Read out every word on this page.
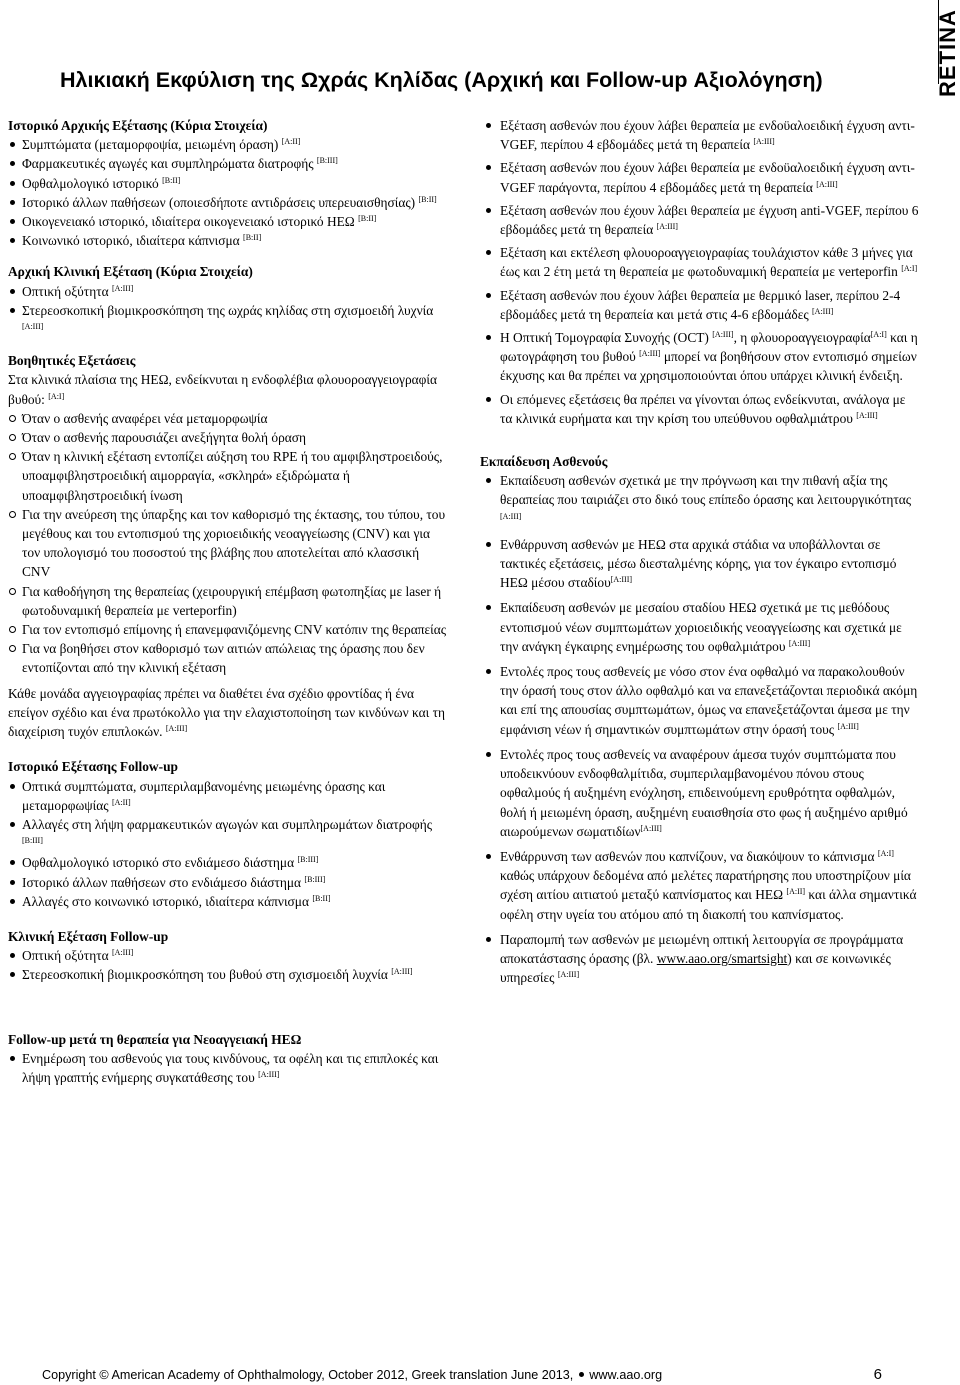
RETINA
Ηλικιακή Εκφύλιση της Ωχράς Κηλίδας (Αρχική και Follow-up Αξιολόγηση)
Ιστορικό Αρχικής Εξέτασης (Κύρια Στοιχεία)
Συμπτώματα (μεταμορφοψία, μειωμένη όραση) [A:II]
Φαρμακευτικές αγωγές και συμπληρώματα διατροφής [B:III]
Οφθαλμολογικό ιστορικό [B:II]
Ιστορικό άλλων παθήσεων (οποιεσδήποτε αντιδράσεις υπερευαισθησίας) [B:II]
Οικογενειακό ιστορικό, ιδιαίτερα οικογενειακό ιστορικό ΗΕΩ [B:II]
Κοινωνικό ιστορικό, ιδιαίτερα κάπνισμα [B:II]
Αρχική Κλινική Εξέταση (Κύρια Στοιχεία)
Οπτική οξύτητα [A:III]
Στερεοσκοπική βιομικροσκόπηση της ωχράς κηλίδας στη σχισμοειδή λυχνία [A:III]
Βοηθητικές Εξετάσεις

Στα κλινικά πλαίσια της ΗΕΩ, ενδείκνυται η ενδοφλέβια φλουοροαγγειογραφία βυθού: [A:I]

Όταν ο ασθενής αναφέρει νέα μεταμορφωψία
Όταν ο ασθενής παρουσιάζει ανεξήγητα θολή όραση
Όταν η κλινική εξέταση εντοπίζει αύξηση του RPE ή του αμφιβληστροειδούς, υποαμφιβληστροειδική αιμορραγία, «σκληρά» εξιδρώματα ή υποαμφιβληστροειδική ίνωση
Για την ανεύρεση της ύπαρξης και τον καθορισμό της έκτασης, του τύπου, του μεγέθους και του εντοπισμού της χοριοειδικής νεοαγγείωσης (CNV) και για τον υπολογισμό του ποσοστού της βλάβης που αποτελείται από κλασσική CNV
Για καθοδήγηση της θεραπείας (χειρουργική επέμβαση φωτοπηξίας με laser ή φωτοδυναμική θεραπεία με verteporfin)
Για τον εντοπισμό επίμονης ή επανεμφανιζόμενης CNV κατόπιν της θεραπείας
Για να βοηθήσει στον καθορισμό των αιτιών απώλειας της όρασης που δεν εντοπίζονται από την κλινική εξέταση

Κάθε μονάδα αγγειογραφίας πρέπει να διαθέτει ένα σχέδιο φροντίδας ή ένα επείγον σχέδιο και ένα πρωτόκολλο για την ελαχιστοποίηση των κινδύνων και τη διαχείριση τυχόν επιπλοκών. [A:III]

Ιστορικό Εξέτασης Follow-up
Οπτικά συμπτώματα, συμπεριλαμβανομένης μειωμένης όρασης και μεταμορφωψίας [A:II]
Αλλαγές στη λήψη φαρμακευτικών αγωγών και συμπληρωμάτων διατροφής [B:III]
Οφθαλμολογικό ιστορικό στο ενδιάμεσο διάστημα [B:III]
Ιστορικό άλλων παθήσεων στο ενδιάμεσο διάστημα [B:III]
Αλλαγές στο κοινωνικό ιστορικό, ιδιαίτερα κάπνισμα [B:II]
Κλινική Εξέταση Follow-up
Οπτική οξύτητα [A:III]
Στερεοσκοπική βιομικροσκόπηση του βυθού στη σχισμοειδή λυχνία [A:III]
Follow-up μετά τη θεραπεία για Νεοαγγειακή ΗΕΩ
Ενημέρωση του ασθενούς για τους κινδύνους, τα οφέλη και τις επιπλοκές και λήψη γραπτής ενήμερης συγκατάθεσης του [A:III]
Εξέταση ασθενών που έχουν λάβει θεραπεία με ενδοϋαλοειδική έγχυση αντι-VGEF, περίπου 4 εβδομάδες μετά τη θεραπεία [A:III]
Εξέταση ασθενών που έχουν λάβει θεραπεία με ενδοϋαλοειδική έγχυση αντι-VGEF παράγοντα, περίπου 4 εβδομάδες μετά τη θεραπεία [A:III]
Εξέταση ασθενών που έχουν λάβει θεραπεία με έγχυση anti-VGEF, περίπου 6 εβδομάδες μετά τη θεραπεία [A:III]
Εξέταση και εκτέλεση φλουοροαγγειογραφίας τουλάχιστον κάθε 3 μήνες για έως και 2 έτη μετά τη θεραπεία με φωτοδυναμική θεραπεία με verteporfin [A:I]
Εξέταση ασθενών που έχουν λάβει θεραπεία με θερμικό laser, περίπου 2-4 εβδομάδες μετά τη θεραπεία και μετά στις 4-6 εβδομάδες [A:III]
Η Οπτική Τομογραφία Συνοχής (OCT) [A:III], η φλουοροαγγειογραφία[A:I] και η φωτογράφηση του βυθού [A:III] μπορεί να βοηθήσουν στον εντοπισμό σημείων έκχυσης και θα πρέπει να χρησιμοποιούνται όπου υπάρχει κλινική ένδειξη.
Οι επόμενες εξετάσεις θα πρέπει να γίνονται όπως ενδείκνυται, ανάλογα με τα κλινικά ευρήματα και την κρίση του υπεύθυνου οφθαλμιάτρου [A:III]
Εκπαίδευση Ασθενούς
Εκπαίδευση ασθενών σχετικά με την πρόγνωση και την πιθανή αξία της θεραπείας που ταιριάζει στο δικό τους επίπεδο όρασης και λειτουργικότητας [A:III]
Ενθάρρυνση ασθενών με ΗΕΩ στα αρχικά στάδια να υποβάλλονται σε τακτικές εξετάσεις, μέσω διεσταλμένης κόρης, για τον έγκαιρο εντοπισμό ΗΕΩ μέσου σταδίου[A:III]
Εκπαίδευση ασθενών με μεσαίου σταδίου ΗΕΩ σχετικά με τις μεθόδους εντοπισμού νέων συμπτωμάτων χοριοειδικής νεοαγγείωσης και σχετικά με την ανάγκη έγκαιρης ενημέρωσης του οφθαλμιάτρου [A:III]
Εντολές προς τους ασθενείς με νόσο στον ένα οφθαλμό να παρακολουθούν την όρασή τους στον άλλο οφθαλμό και να επανεξετάζονται περιοδικά ακόμη και επί της απουσίας συμπτωμάτων, όμως να επανεξετάζονται άμεσα με την εμφάνιση νέων ή σημαντικών συμπτωμάτων στην όρασή τους [A:III]
Εντολές προς τους ασθενείς να αναφέρουν άμεσα τυχόν συμπτώματα που υποδεικνύουν ενδοφθαλμίτιδα, συμπεριλαμβανομένου πόνου στους οφθαλμούς ή αυξημένη ενόχληση, επιδεινούμενη ερυθρότητα οφθαλμών, θολή ή μειωμένη όραση, αυξημένη ευαισθησία στο φως ή αυξημένο αριθμό αιωρούμενων σωματιδίων[A:III]
Ενθάρρυνση των ασθενών που καπνίζουν, να διακόψουν το κάπνισμα [A:I] καθώς υπάρχουν δεδομένα από μελέτες παρατήρησης που υποστηρίζουν μία σχέση αιτίου αιτιατού μεταξύ καπνίσματος και ΗΕΩ [A:II] και άλλα σημαντικά οφέλη στην υγεία του ατόμου από τη διακοπή του καπνίσματος.
Παραπομπή των ασθενών με μειωμένη οπτική λειτουργία σε προγράμματα αποκατάστασης όρασης (βλ. www.aao.org/smartsight) και σε κοινωνικές υπηρεσίες [A:III]
Copyright © American Academy of Ophthalmology, October 2012, Greek translation June 2013, www.aao.org	6
